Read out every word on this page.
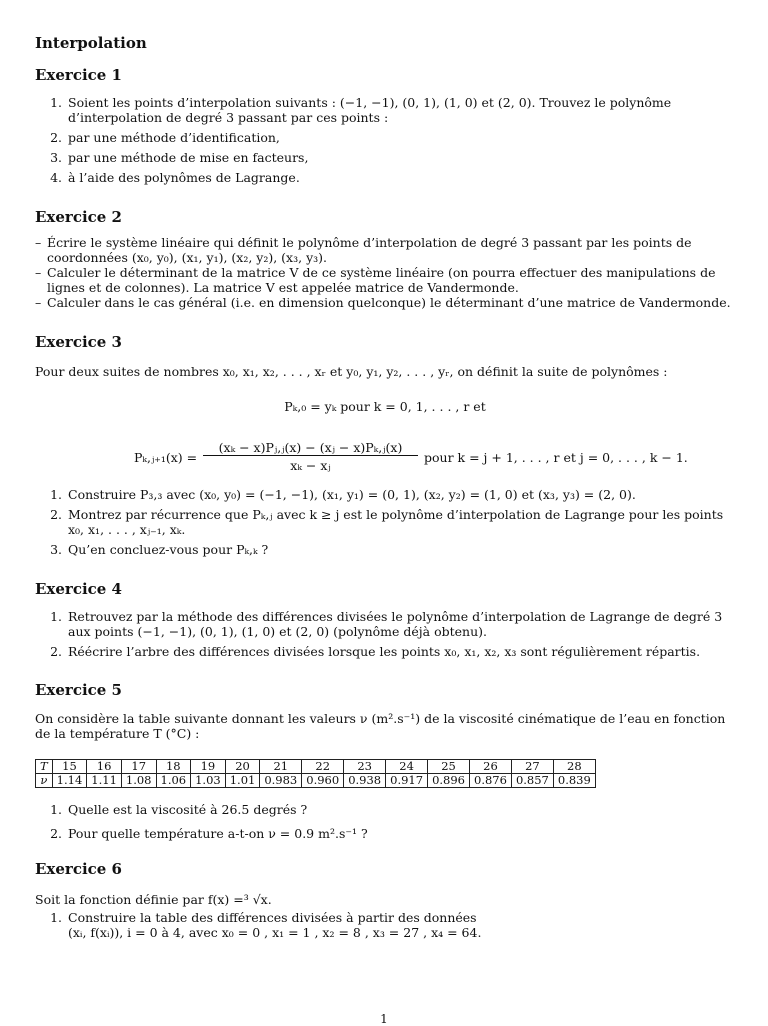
Interpolation
Exercice 1
1. Soient les points d’interpolation suivants : (−1, −1), (0, 1), (1, 0) et (2, 0). Trouvez le polynôme d’interpolation de degré 3 passant par ces points :
2. par une méthode d’identification,
3. par une méthode de mise en facteurs,
4. à l’aide des polynômes de Lagrange.
Exercice 2
– Écrire le système linéaire qui définit le polynôme d’interpolation de degré 3 passant par les points de coordonnées (x₀, y₀), (x₁, y₁), (x₂, y₂), (x₃, y₃).
– Calculer le déterminant de la matrice V de ce système linéaire (on pourra effectuer des manipulations de lignes et de colonnes). La matrice V est appelée matrice de Vandermonde.
– Calculer dans le cas général (i.e. en dimension quelconque) le déterminant d’une matrice de Vandermonde.
Exercice 3
Pour deux suites de nombres x₀, x₁, x₂, . . . , xᵣ et y₀, y₁, y₂, . . . , yᵣ, on définit la suite de polynômes :
Pₖ,₀ = yₖ pour k = 0, 1, . . . , r et
Pₖ,ⱼ₊₁(x) =
(xₖ − x)Pⱼ,ⱼ(x) − (xⱼ − x)Pₖ,ⱼ(x)
xₖ − xⱼ
pour k = j + 1, . . . , r et j = 0, . . . , k − 1.
1. Construire P₃,₃ avec (x₀, y₀) = (−1, −1), (x₁, y₁) = (0, 1), (x₂, y₂) = (1, 0) et (x₃, y₃) = (2, 0).
2. Montrez par récurrence que Pₖ,ⱼ avec k ≥ j est le polynôme d’interpolation de Lagrange pour les points x₀, x₁, . . . , xⱼ₋₁, xₖ.
3. Qu’en concluez-vous pour Pₖ,ₖ ?
Exercice 4
1. Retrouvez par la méthode des différences divisées le polynôme d’interpolation de Lagrange de degré 3 aux points (−1, −1), (0, 1), (1, 0) et (2, 0) (polynôme déjà obtenu).
2. Réécrire l’arbre des différences divisées lorsque les points x₀, x₁, x₂, x₃ sont régulièrement répartis.
Exercice 5
On considère la table suivante donnant les valeurs ν (m².s⁻¹) de la viscosité cinématique de l’eau en fonction de la température T (°C) :
T	15	16	17	18	19	20	21	22	23	24	25	26	27	28
ν	1.14	1.11	1.08	1.06	1.03	1.01	0.983	0.960	0.938	0.917	0.896	0.876	0.857	0.839
1. Quelle est la viscosité à 26.5 degrés ?
2. Pour quelle température a-t-on ν = 0.9 m².s⁻¹ ?
Exercice 6
Soit la fonction définie par f(x) =³ √x.
1. Construire la table des différences divisées à partir des données (xᵢ, f(xᵢ)), i = 0 à 4, avec x₀ = 0 , x₁ = 1 , x₂ = 8 , x₃ = 27 , x₄ = 64.
1
